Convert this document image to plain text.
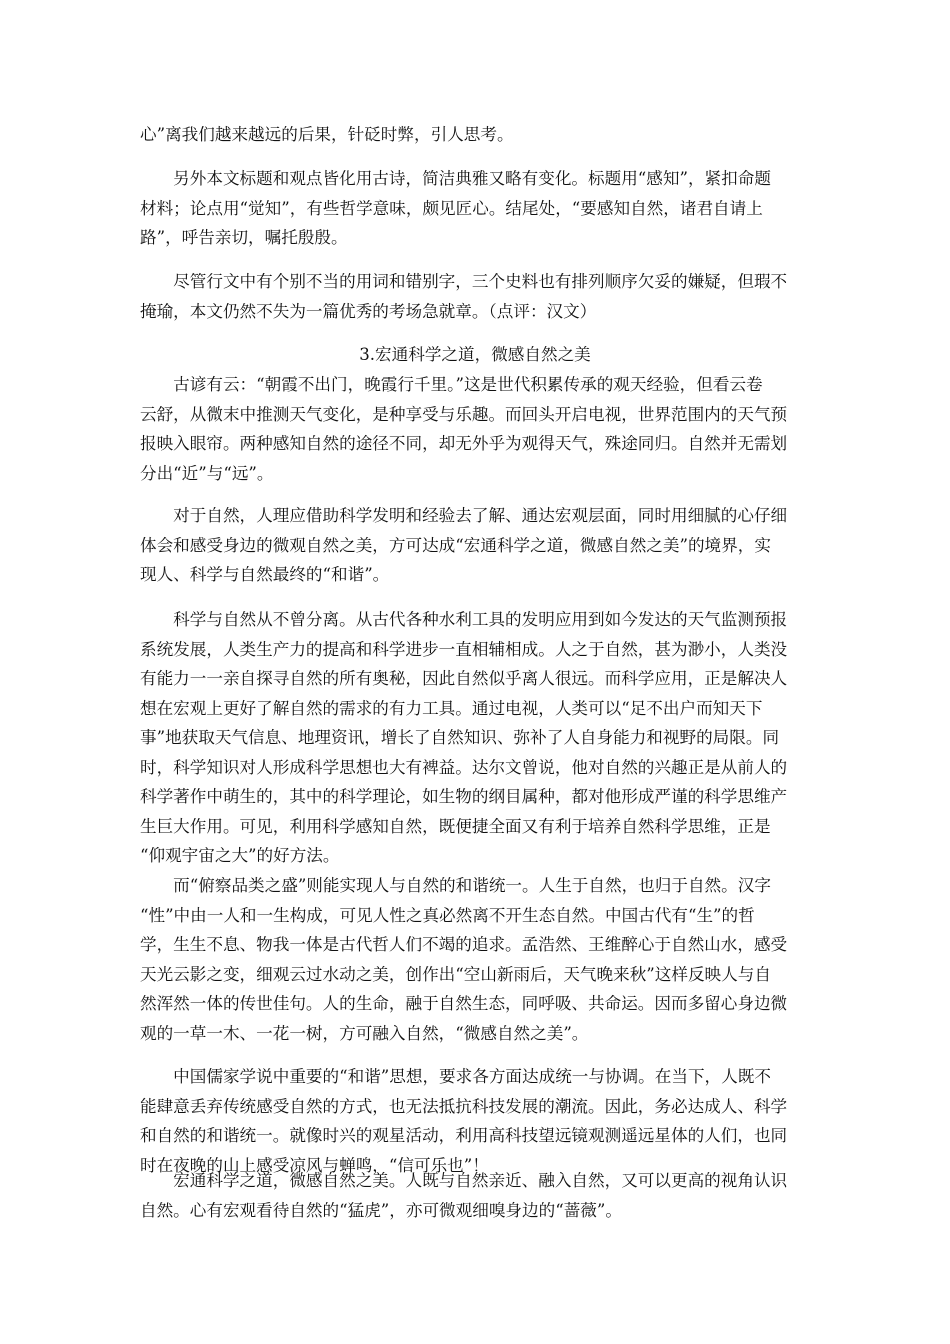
心”离我们越来越远的后果，针砭时弊，引人思考。

　　另外本文标题和观点皆化用古诗，简洁典雅又略有变化。标题用“感知”，紧扣命题
材料；论点用“觉知”，有些哲学意味，颇见匠心。结尾处，“要感知自然，诸君自请上
路”，呼告亲切，嘱托殷殷。

　　尽管行文中有个别不当的用词和错别字，三个史料也有排列顺序欠妥的嫌疑，但瑕不
掩瑜，本文仍然不失为一篇优秀的考场急就章。（点评：汉文）

3.宏通科学之道，微感自然之美

　　古谚有云：“朝霞不出门，晚霞行千里。”这是世代积累传承的观天经验，但看云卷
云舒，从微末中推测天气变化，是种享受与乐趣。而回头开启电视，世界范围内的天气预
报映入眼帘。两种感知自然的途径不同，却无外乎为观得天气，殊途同归。自然并无需划
分出“近”与“远”。

　　对于自然，人理应借助科学发明和经验去了解、通达宏观层面，同时用细腻的心仔细
体会和感受身边的微观自然之美，方可达成“宏通科学之道，微感自然之美”的境界，实
现人、科学与自然最终的“和谐”。

　　科学与自然从不曾分离。从古代各种水利工具的发明应用到如今发达的天气监测预报
系统发展，人类生产力的提高和科学进步一直相辅相成。人之于自然，甚为渺小，人类没
有能力一一亲自探寻自然的所有奥秘，因此自然似乎离人很远。而科学应用，正是解决人
想在宏观上更好了解自然的需求的有力工具。通过电视，人类可以“足不出户而知天下
事”地获取天气信息、地理资讯，增长了自然知识、弥补了人自身能力和视野的局限。同
时，科学知识对人形成科学思想也大有裨益。达尔文曾说，他对自然的兴趣正是从前人的
科学著作中萌生的，其中的科学理论，如生物的纲目属种，都对他形成严谨的科学思维产
生巨大作用。可见，利用科学感知自然，既便捷全面又有利于培养自然科学思维，正是
“仰观宇宙之大”的好方法。

　　而“俯察品类之盛”则能实现人与自然的和谐统一。人生于自然，也归于自然。汉字
“性”中由一人和一生构成，可见人性之真必然离不开生态自然。中国古代有“生”的哲
学，生生不息、物我一体是古代哲人们不竭的追求。孟浩然、王维醉心于自然山水，感受
天光云影之变，细观云过水动之美，创作出“空山新雨后，天气晚来秋”这样反映人与自
然浑然一体的传世佳句。人的生命，融于自然生态，同呼吸、共命运。因而多留心身边微
观的一草一木、一花一树，方可融入自然，“微感自然之美”。

　　中国儒家学说中重要的“和谐”思想，要求各方面达成统一与协调。在当下，人既不
能肆意丢弃传统感受自然的方式，也无法抵抗科技发展的潮流。因此，务必达成人、科学
和自然的和谐统一。就像时兴的观星活动，利用高科技望远镜观测遥远星体的人们，也同
时在夜晚的山上感受凉风与蝉鸣，“信可乐也”！

　　宏通科学之道，微感自然之美。人既与自然亲近、融入自然，又可以更高的视角认识
自然。心有宏观看待自然的“猛虎”，亦可微观细嗅身边的“蔷薇”。
